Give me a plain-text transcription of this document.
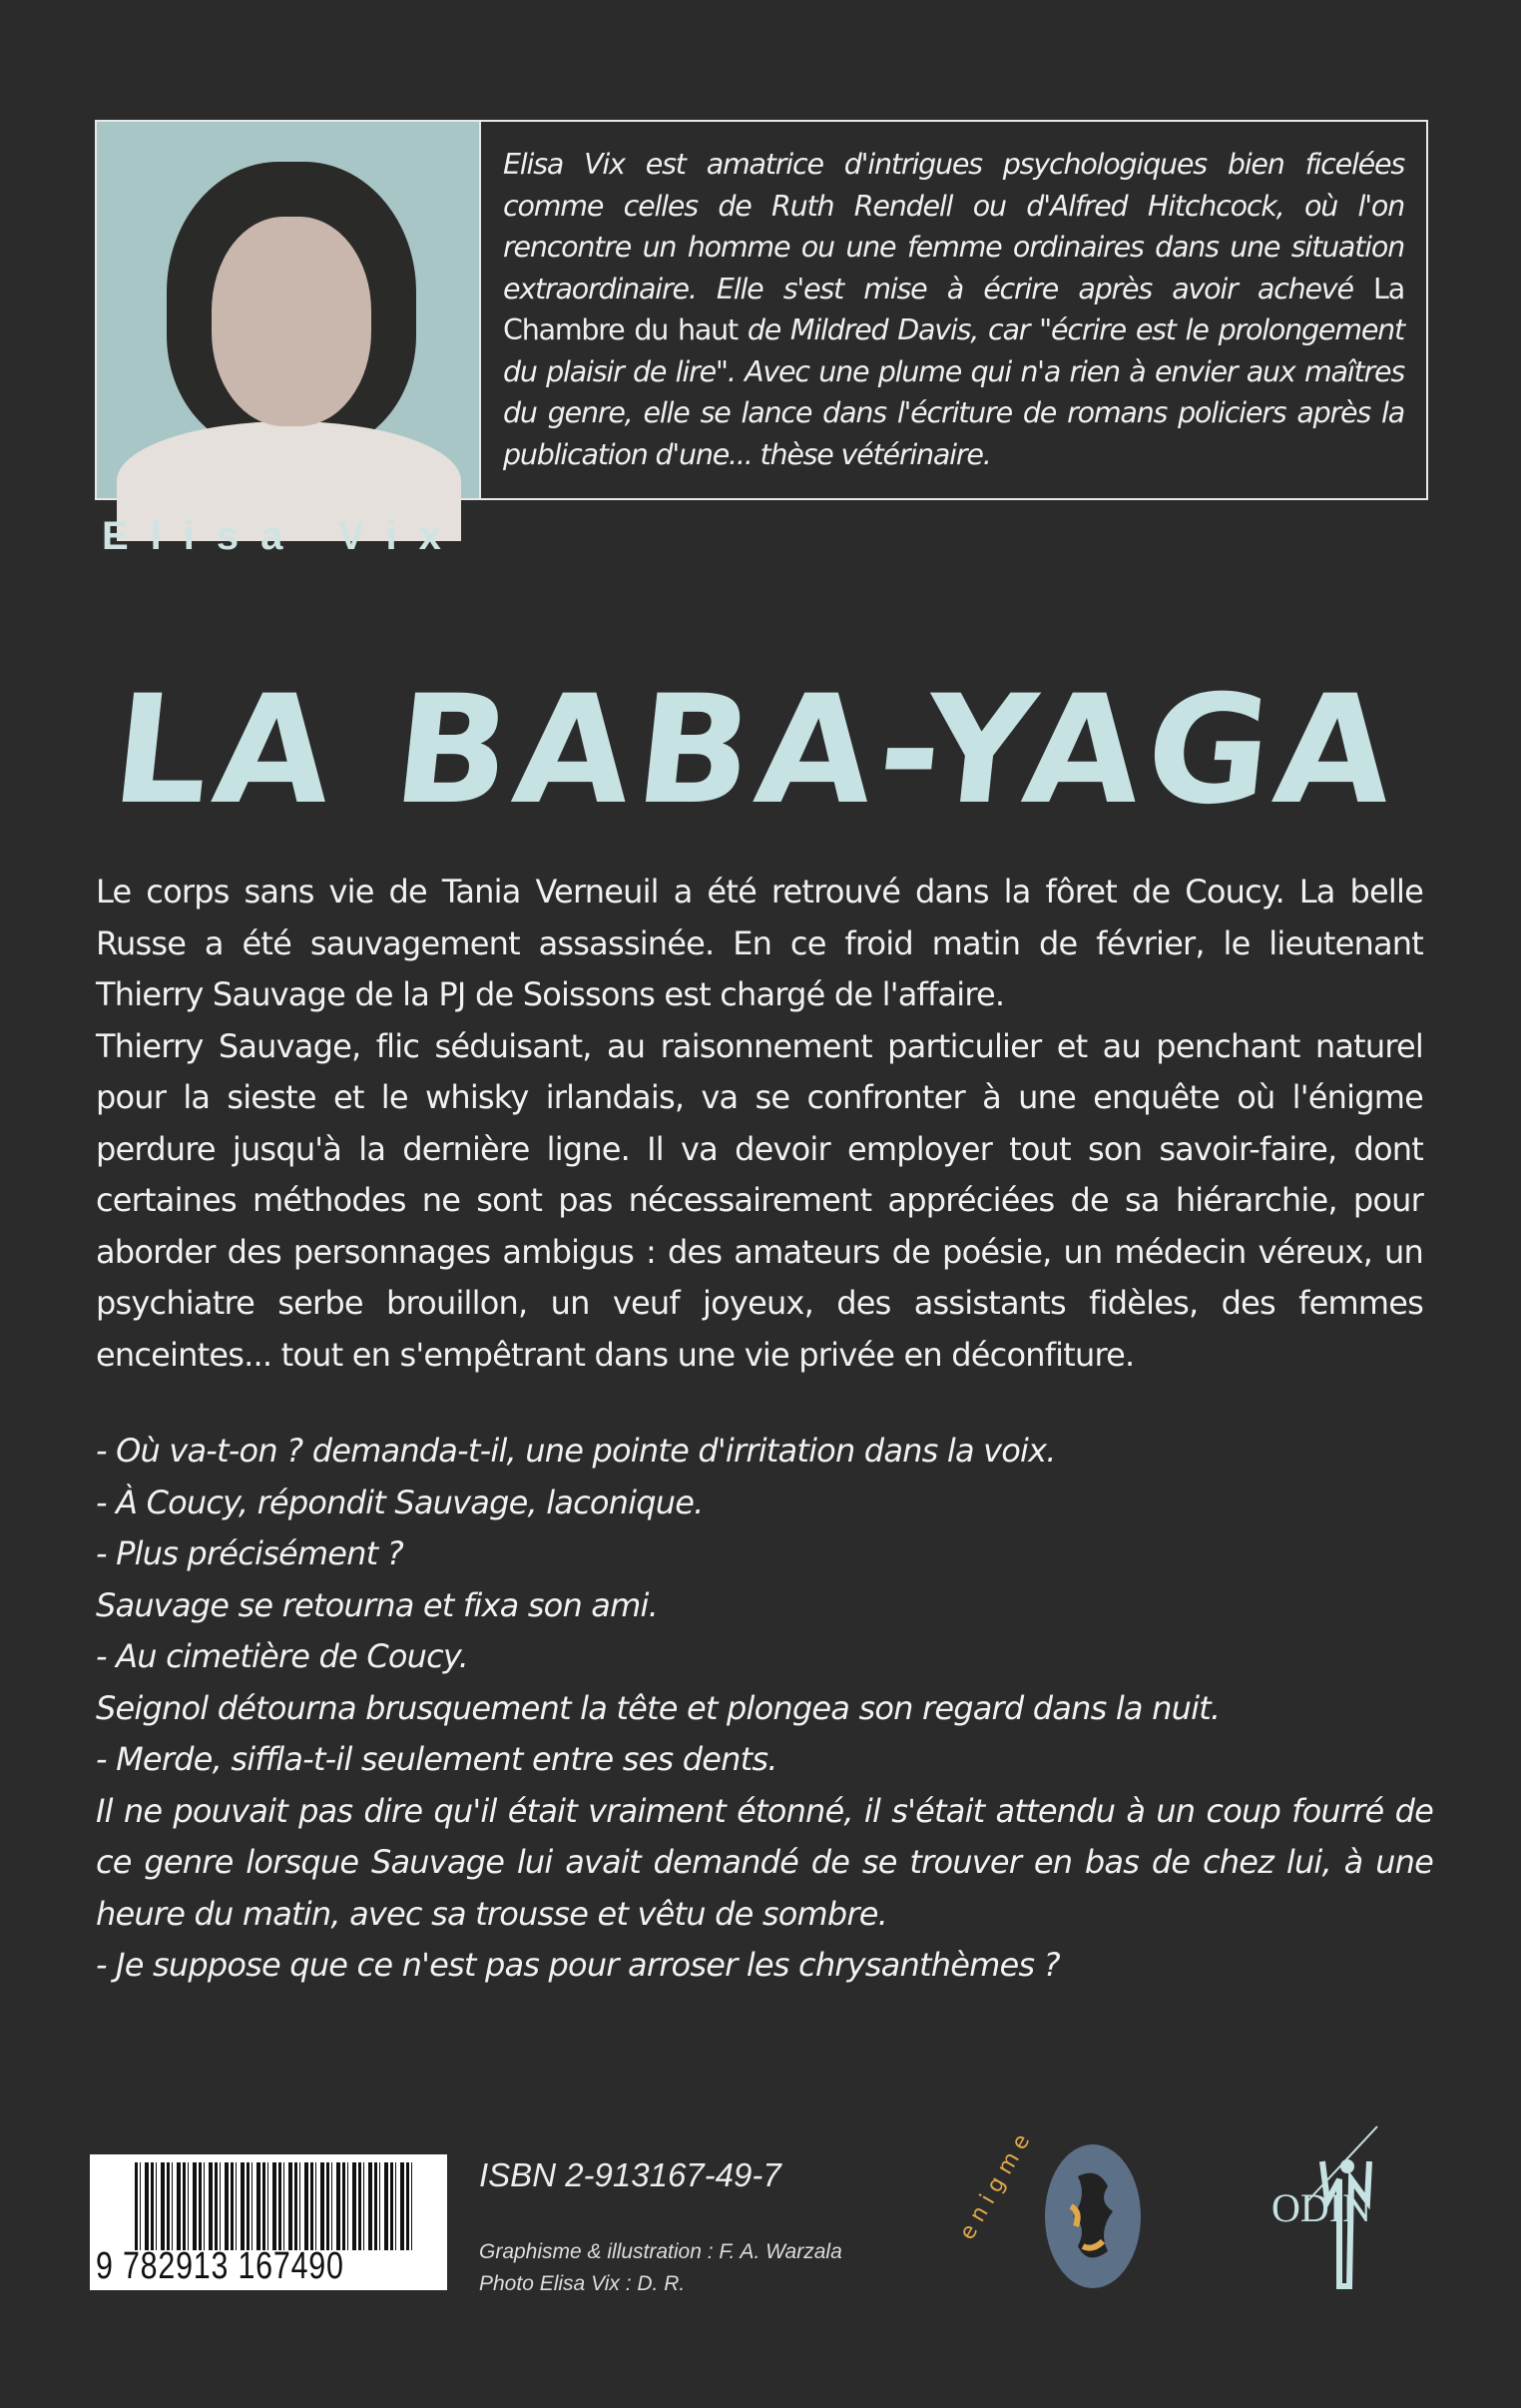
Elisa Vix est amatrice d'intrigues psychologiques bien ficelées comme celles de Ruth Rendell ou d'Alfred Hitchcock, où l'on rencontre un homme ou une femme ordinaires dans une situation extraordinaire. Elle s'est mise à écrire après avoir achevé La Chambre du haut de Mildred Davis, car "écrire est le prolongement du plaisir de lire". Avec une plume qui n'a rien à envier aux maîtres du genre, elle se lance dans l'écriture de romans policiers après la publication d'une... thèse vétérinaire.
Elisa Vix
LA BABA-YAGA

Le corps sans vie de Tania Verneuil a été retrouvé dans la fôret de Coucy. La belle Russe a été sauvagement assassinée. En ce froid matin de février, le lieutenant Thierry Sauvage de la PJ de Soissons est chargé de l'affaire.

Thierry Sauvage, flic séduisant, au raisonnement particulier et au penchant naturel pour la sieste et le whisky irlandais, va se confronter à une enquête où l'énigme perdure jusqu'à la dernière ligne. Il va devoir employer tout son savoir-faire, dont certaines méthodes ne sont pas nécessairement appréciées de sa hiérarchie, pour aborder des personnages ambigus : des amateurs de poésie, un médecin véreux, un psychiatre serbe brouillon, un veuf joyeux, des assistants fidèles, des femmes enceintes... tout en s'empêtrant dans une vie privée en déconfiture.

- Où va-t-on ? demanda-t-il, une pointe d'irritation dans la voix.
- À Coucy, répondit Sauvage, laconique.
- Plus précisément ?
Sauvage se retourna et fixa son ami.
- Au cimetière de Coucy.
Seignol détourna brusquement la tête et plongea son regard dans la nuit.
- Merde, siffla-t-il seulement entre ses dents.
Il ne pouvait pas dire qu'il était vraiment étonné, il s'était attendu à un coup fourré de ce genre lorsque Sauvage lui avait demandé de se trouver en bas de chez lui, à une heure du matin, avec sa trousse et vêtu de sombre.
- Je suppose que ce n'est pas pour arroser les chrysanthèmes ?
9 782913 167490
ISBN 2-913167-49-7
Graphisme & illustration : F. A. Warzala
Photo Elisa Vix : D. R.
e n i g m e	ODIN
